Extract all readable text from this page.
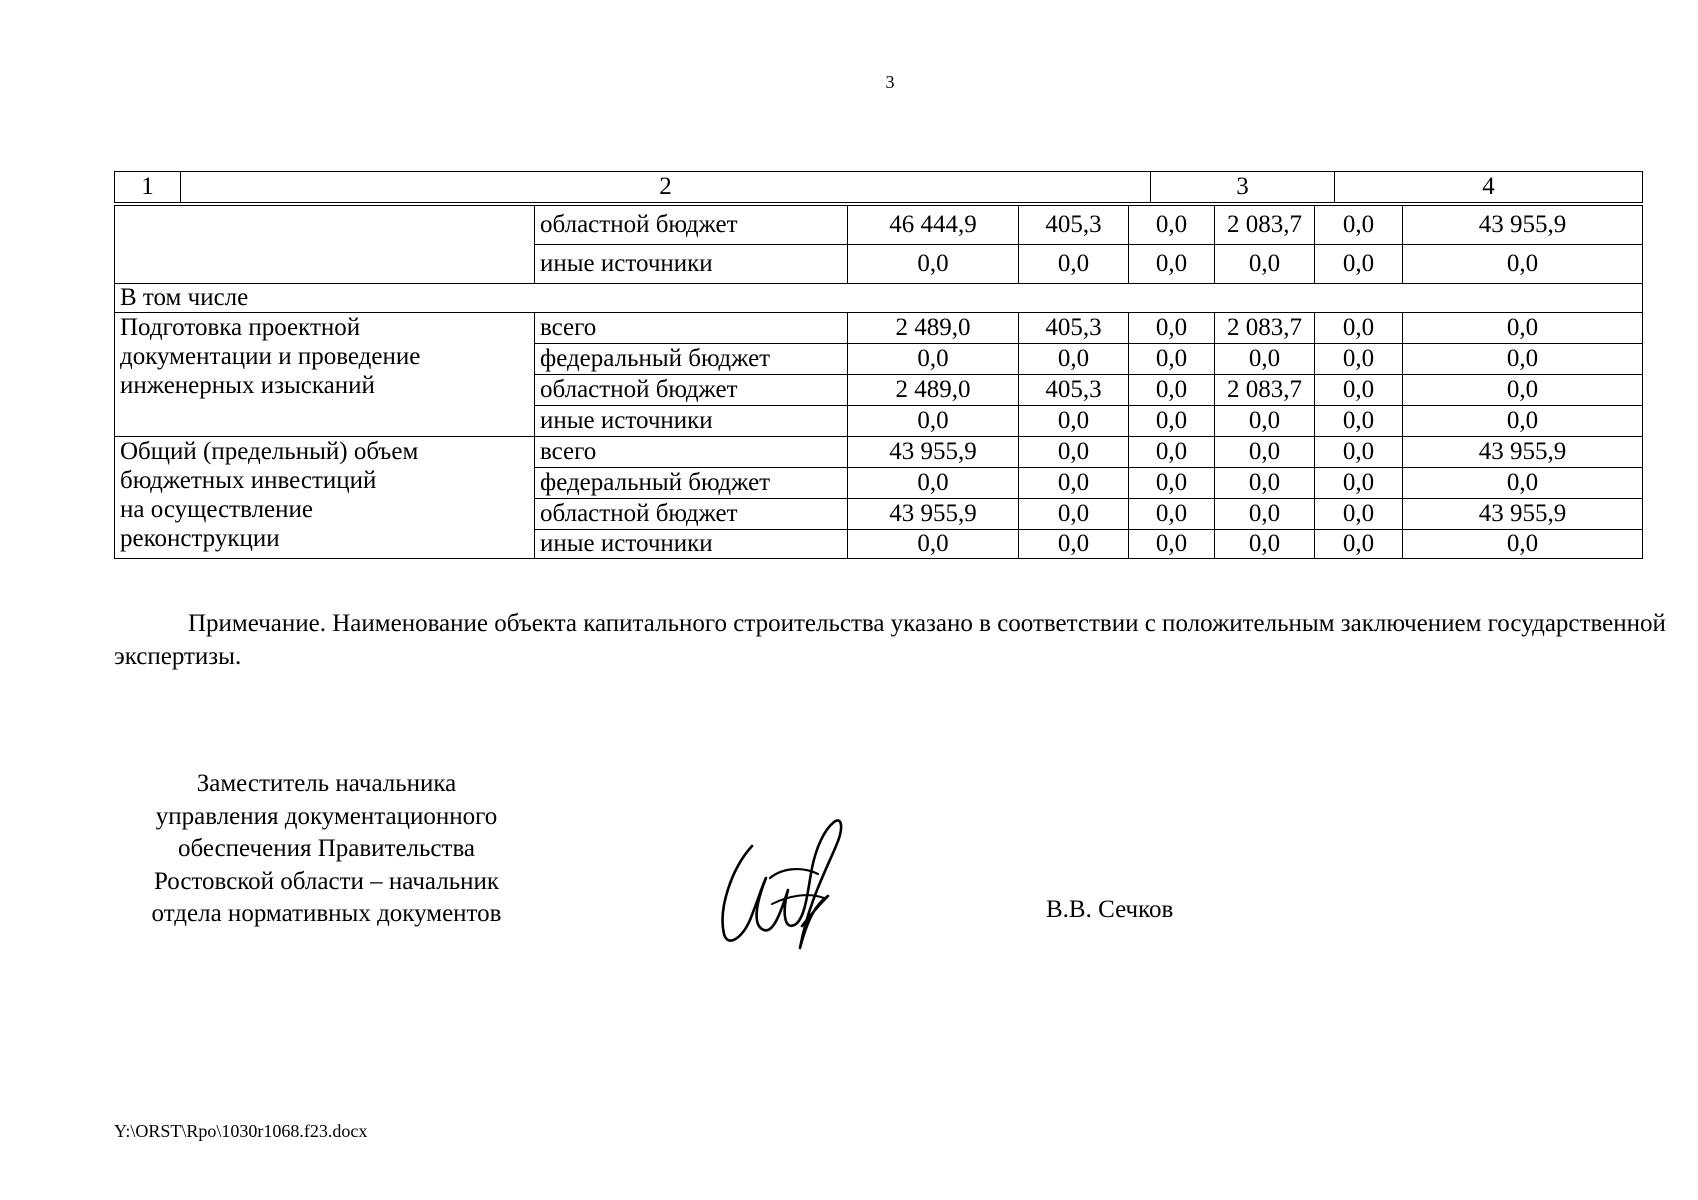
3
1	2	3	4
	областной бюджет	46 444,9	405,3	0,0	2 083,7	0,0	43 955,9
	иные источники	0,0	0,0	0,0	0,0	0,0	0,0
В том числе							

Подготовка проектной
документации и проведение
инженерных изысканий	всего	2 489,0	405,3	0,0	2 083,7	0,0	0,0
	федеральный бюджет	0,0	0,0	0,0	0,0	0,0	0,0
	областной бюджет	2 489,0	405,3	0,0	2 083,7	0,0	0,0
	иные источники	0,0	0,0	0,0	0,0	0,0	0,0

Общий (предельный) объем
бюджетных инвестиций
на осуществление
реконструкции	всего	43 955,9	0,0	0,0	0,0	0,0	43 955,9
	федеральный бюджет	0,0	0,0	0,0	0,0	0,0	0,0
	областной бюджет	43 955,9	0,0	0,0	0,0	0,0	43 955,9
	иные источники	0,0	0,0	0,0	0,0	0,0	0,0
Примечание. Наименование объекта капитального строительства указано в соответствии с положительным заключением государственной экспертизы.
Заместитель начальника
управления документационного
обеспечения Правительства
Ростовской области – начальник
отдела нормативных документов	В.В. Сечков
Y:\ORST\Rpo\1030r1068.f23.docx
